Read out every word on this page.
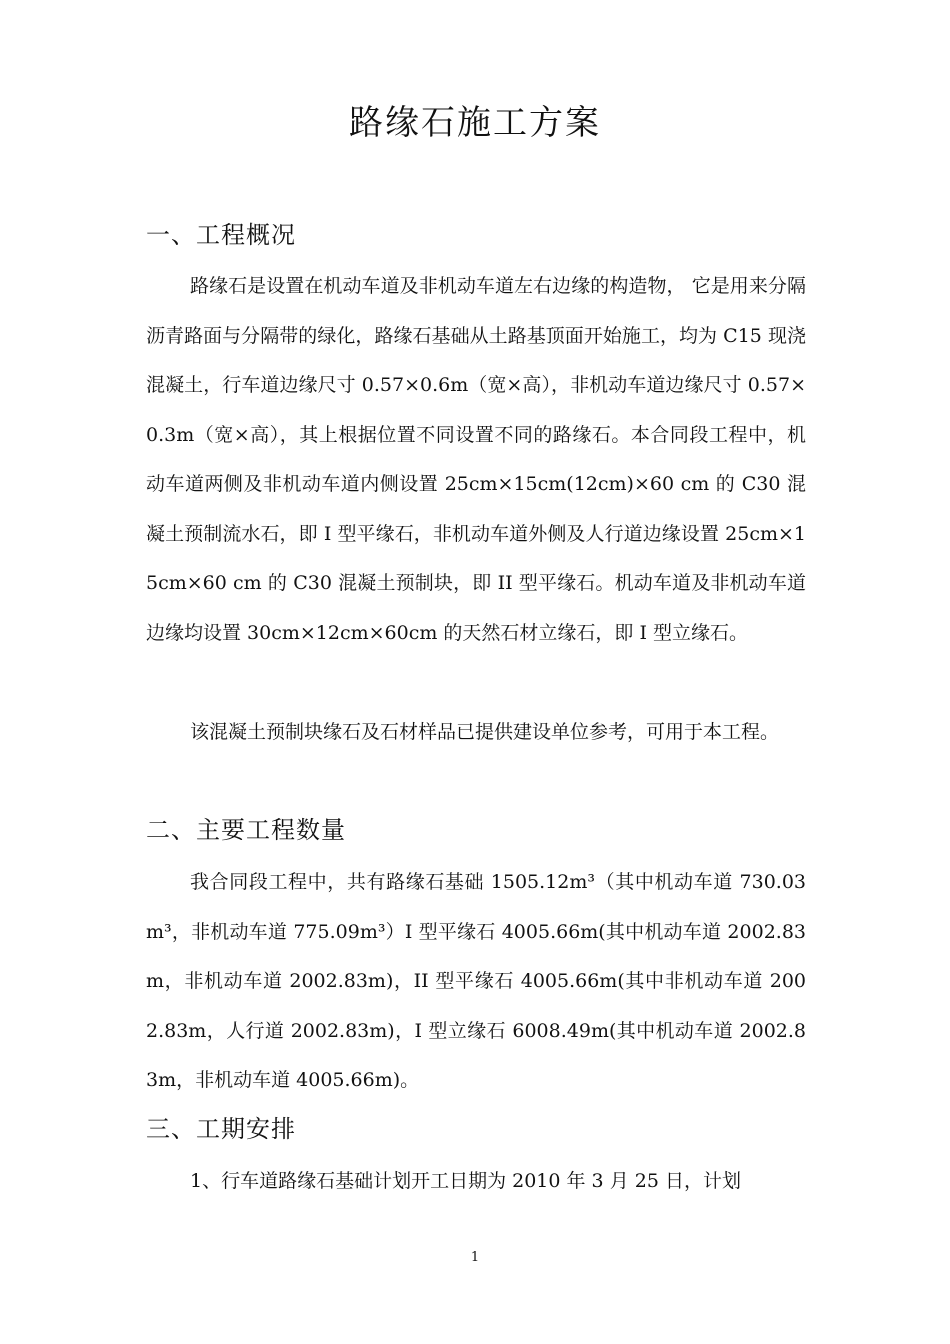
路缘石施工方案
一、工程概况

路缘石是设置在机动车道及非机动车道左右边缘的构造物， 它是用来分隔沥青路面与分隔带的绿化，路缘石基础从土路基顶面开始施工，均为 C15 现浇混凝土，行车道边缘尺寸 0.57×0.6m（宽×高），非机动车道边缘尺寸 0.57×0.3m（宽×高），其上根据位置不同设置不同的路缘石。本合同段工程中，机动车道两侧及非机动车道内侧设置 25cm×15cm(12cm)×60 cm 的 C30 混凝土预制流水石，即 I 型平缘石，非机动车道外侧及人行道边缘设置 25cm×15cm×60 cm 的 C30 混凝土预制块，即 II 型平缘石。机动车道及非机动车道边缘均设置 30cm×12cm×60cm 的天然石材立缘石，即 I 型立缘石。

该混凝土预制块缘石及石材样品已提供建设单位参考，可用于本工程。

二、主要工程数量

我合同段工程中，共有路缘石基础 1505.12m³（其中机动车道 730.03m³，非机动车道 775.09m³）I 型平缘石 4005.66m(其中机动车道 2002.83m，非机动车道 2002.83m)，II 型平缘石 4005.66m(其中非机动车道 2002.83m，人行道 2002.83m)，I 型立缘石 6008.49m(其中机动车道 2002.83m，非机动车道 4005.66m)。

三、工期安排

1、行车道路缘石基础计划开工日期为 2010 年 3 月 25 日，计划

1
